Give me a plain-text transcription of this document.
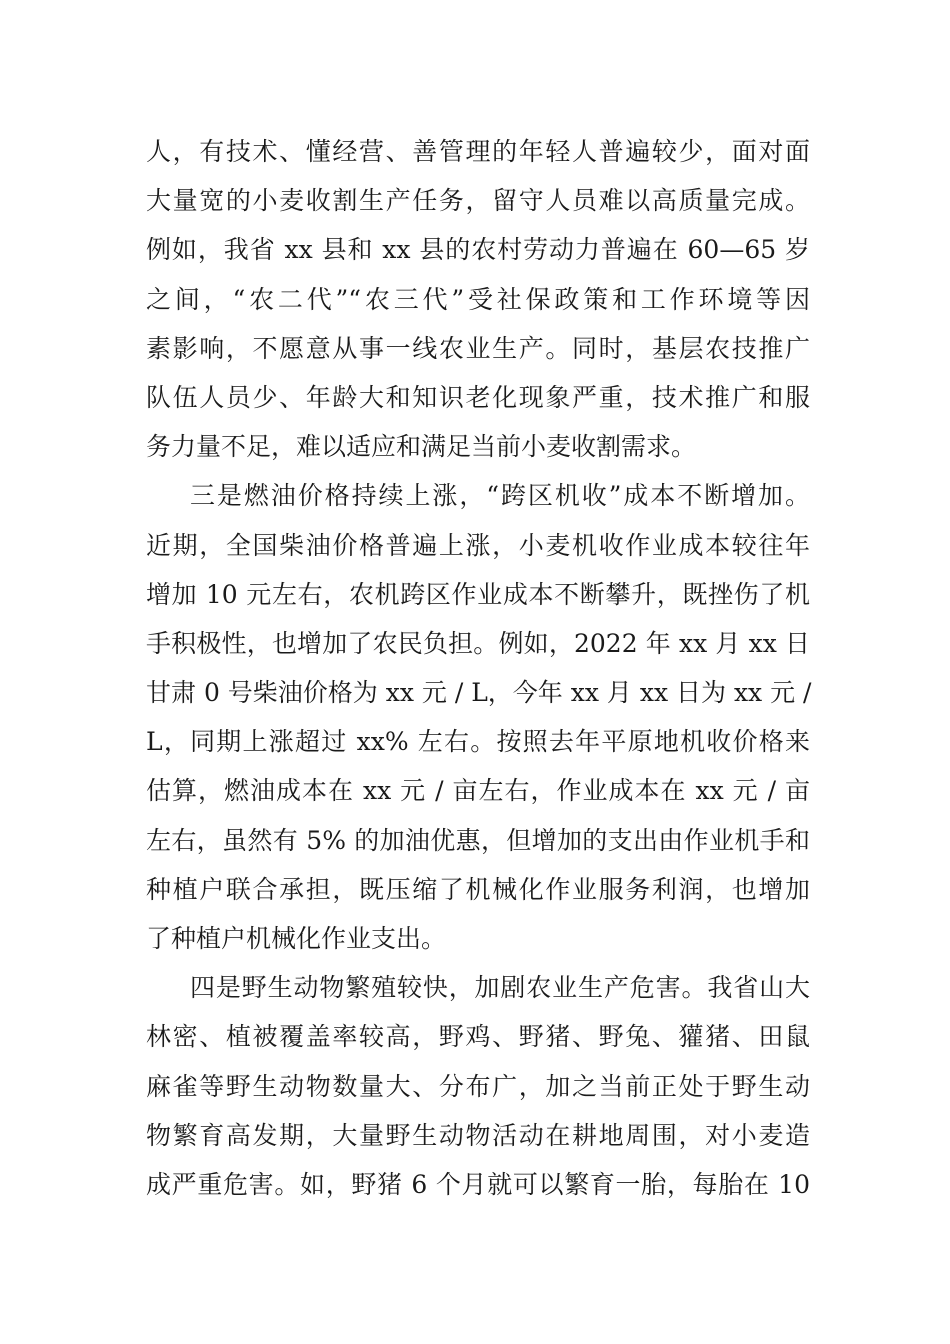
人，有技术、懂经营、善管理的年轻人普遍较少，面对面
大量宽的小麦收割生产任务，留守人员难以高质量完成。
例如，我省 xx 县和 xx 县的农村劳动力普遍在 60—65 岁
之间，“农二代”“农三代”受社保政策和工作环境等因
素影响，不愿意从事一线农业生产。同时，基层农技推广
队伍人员少、年龄大和知识老化现象严重，技术推广和服
务力量不足，难以适应和满足当前小麦收割需求。
三是燃油价格持续上涨，“跨区机收”成本不断增加。
近期，全国柴油价格普遍上涨，小麦机收作业成本较往年
增加 10 元左右，农机跨区作业成本不断攀升，既挫伤了机
手积极性，也增加了农民负担。例如，2022 年 xx 月 xx 日
甘肃 0 号柴油价格为 xx 元 / L，今年 xx 月 xx 日为 xx 元 /
L，同期上涨超过 xx% 左右。按照去年平原地机收价格来
估算，燃油成本在 xx 元 / 亩左右，作业成本在 xx 元 / 亩
左右，虽然有 5% 的加油优惠，但增加的支出由作业机手和
种植户联合承担，既压缩了机械化作业服务利润，也增加
了种植户机械化作业支出。
四是野生动物繁殖较快，加剧农业生产危害。我省山大
林密、植被覆盖率较高，野鸡、野猪、野兔、獾猪、田鼠
麻雀等野生动物数量大、分布广，加之当前正处于野生动
物繁育高发期，大量野生动物活动在耕地周围，对小麦造
成严重危害。如，野猪 6 个月就可以繁育一胎，每胎在 10
